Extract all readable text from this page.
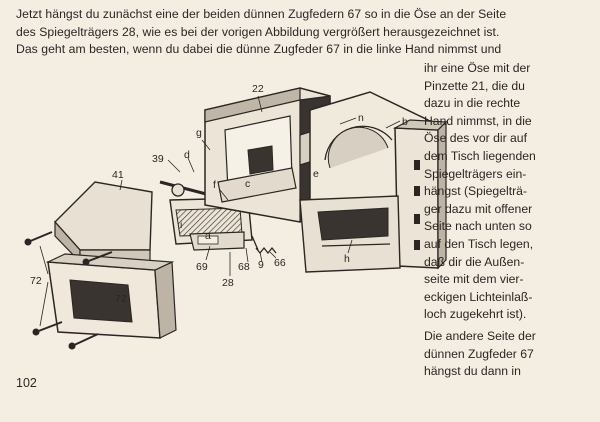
Jetzt hängst du zunächst eine der beiden dünnen Zugfedern 67 so in die Öse an der Seite
des Spiegelträgers 28, wie es bei der vorigen Abbildung vergrößert herausgezeichnet ist.
Das geht am besten, wenn du dabei die dünne Zugfeder 67 in die linke Hand nimmst und
22
g
n	b
39 d
c
41	e
f
a
i
69	68 9 66
28
h
72
72
ihr eine Öse mit der
Pinzette 21, die du
dazu in die rechte
Hand nimmst, in die
Öse des vor dir auf
dem Tisch liegenden
Spiegelträgers ein-
hängst (Spiegelträ-
ger dazu mit offener
Seite nach unten so
auf den Tisch legen,
daß dir die Außen-
seite mit dem vier-
eckigen Lichteinlaß-
loch zugekehrt ist).
Die andere Seite der
dünnen Zugfeder 67
hängst du dann in
102
